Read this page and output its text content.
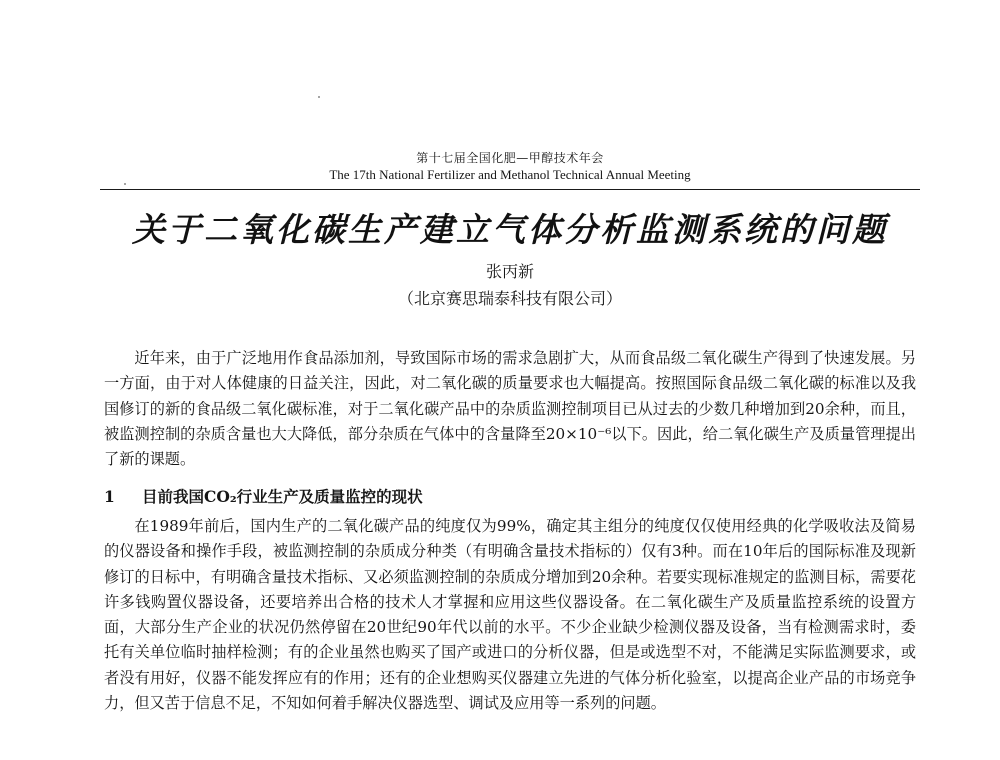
第十七届全国化肥—甲醇技术年会
The 17th National Fertilizer and Methanol Technical Annual Meeting
关于二氧化碳生产建立气体分析监测系统的问题
张丙新
（北京赛思瑞泰科技有限公司）

近年来，由于广泛地用作食品添加剂，导致国际市场的需求急剧扩大，从而食品级二氧化碳生产得到了快速发展。另一方面，由于对人体健康的日益关注，因此，对二氧化碳的质量要求也大幅提高。按照国际食品级二氧化碳的标准以及我国修订的新的食品级二氧化碳标准，对于二氧化碳产品中的杂质监测控制项目已从过去的少数几种增加到20余种，而且，被监测控制的杂质含量也大大降低，部分杂质在气体中的含量降至20×10⁻⁶以下。因此，给二氧化碳生产及质量管理提出了新的课题。

1 目前我国CO₂行业生产及质量监控的现状

在1989年前后，国内生产的二氧化碳产品的纯度仅为99%，确定其主组分的纯度仅仅使用经典的化学吸收法及简易的仪器设备和操作手段，被监测控制的杂质成分种类（有明确含量技术指标的）仅有3种。而在10年后的国际标准及现新修订的日标中，有明确含量技术指标、又必须监测控制的杂质成分增加到20余种。若要实现标准规定的监测目标，需要花许多钱购置仪器设备，还要培养出合格的技术人才掌握和应用这些仪器设备。在二氧化碳生产及质量监控系统的设置方面，大部分生产企业的状况仍然停留在20世纪90年代以前的水平。不少企业缺少检测仪器及设备，当有检测需求时，委托有关单位临时抽样检测；有的企业虽然也购买了国产或进口的分析仪器，但是或选型不对，不能满足实际监测要求，或者没有用好，仪器不能发挥应有的作用；还有的企业想购买仪器建立先进的气体分析化验室，以提高企业产品的市场竞争力，但又苦于信息不足，不知如何着手解决仪器选型、调试及应用等一系列的问题。
